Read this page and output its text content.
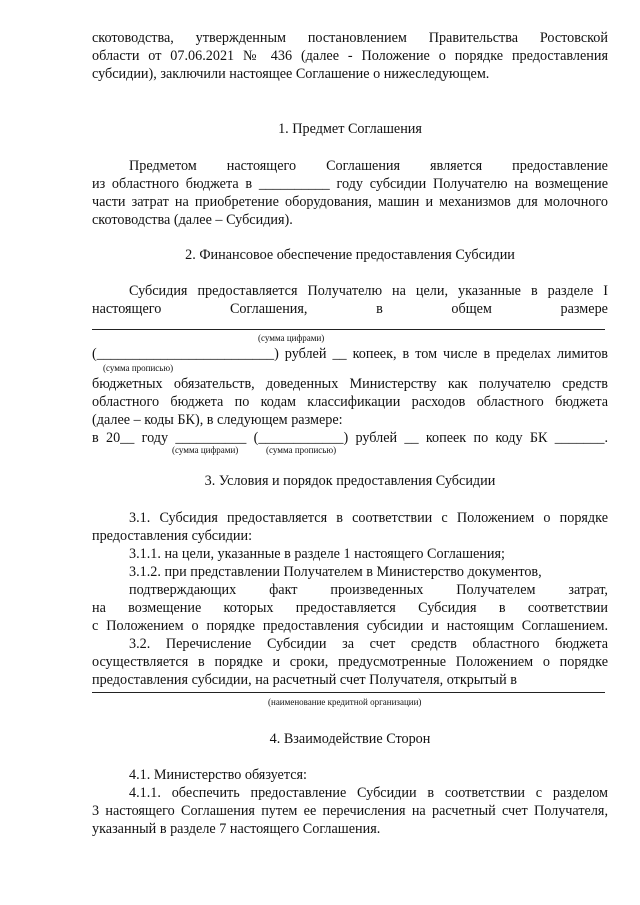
скотоводства, утвержденным постановлением Правительства Ростовской
области от 07.06.2021 № 436 (далее - Положение о порядке предоставления
субсидии), заключили настоящее Соглашение о нижеследующем.
1. Предмет Соглашения
Предметом настоящего Соглашения является предоставление
из областного бюджета в __________ году субсидии Получателю на возмещение
части затрат на приобретение оборудования, машин и механизмов для молочного
скотоводства (далее – Субсидия).
2. Финансовое обеспечение предоставления Субсидии
Субсидия предоставляется Получателю на цели, указанные в разделе I
настоящего	Соглашения,	в	общем	размере
(сумма цифрами)
(_________________________) рублей __ копеек, в том числе в пределах лимитов
(сумма прописью)
бюджетных обязательств, доведенных Министерству как получателю средств
областного бюджета по кодам классификации расходов областного бюджета
(далее – коды БК), в следующем размере:
в 20__ году __________ (____________) рублей __ копеек по коду БК _______.
(сумма цифрами)	(сумма прописью)
3. Условия и порядок предоставления Субсидии
3.1. Субсидия предоставляется в соответствии с Положением о порядке
предоставления субсидии:
3.1.1. на цели, указанные в разделе 1 настоящего Соглашения;
3.1.2. при представлении Получателем в Министерство документов,
подтверждающих факт произведенных Получателем затрат,
на возмещение которых предоставляется Субсидия в соответствии
с Положением о порядке предоставления субсидии и настоящим Соглашением.
3.2. Перечисление Субсидии за счет средств областного бюджета
осуществляется в порядке и сроки, предусмотренные Положением о порядке
предоставления субсидии, на расчетный счет Получателя, открытый в
(наименование кредитной организации)
4. Взаимодействие Сторон
4.1. Министерство обязуется:
4.1.1. обеспечить предоставление Субсидии в соответствии с разделом
3 настоящего Соглашения путем ее перечисления на расчетный счет Получателя,
указанный в разделе 7 настоящего Соглашения.
